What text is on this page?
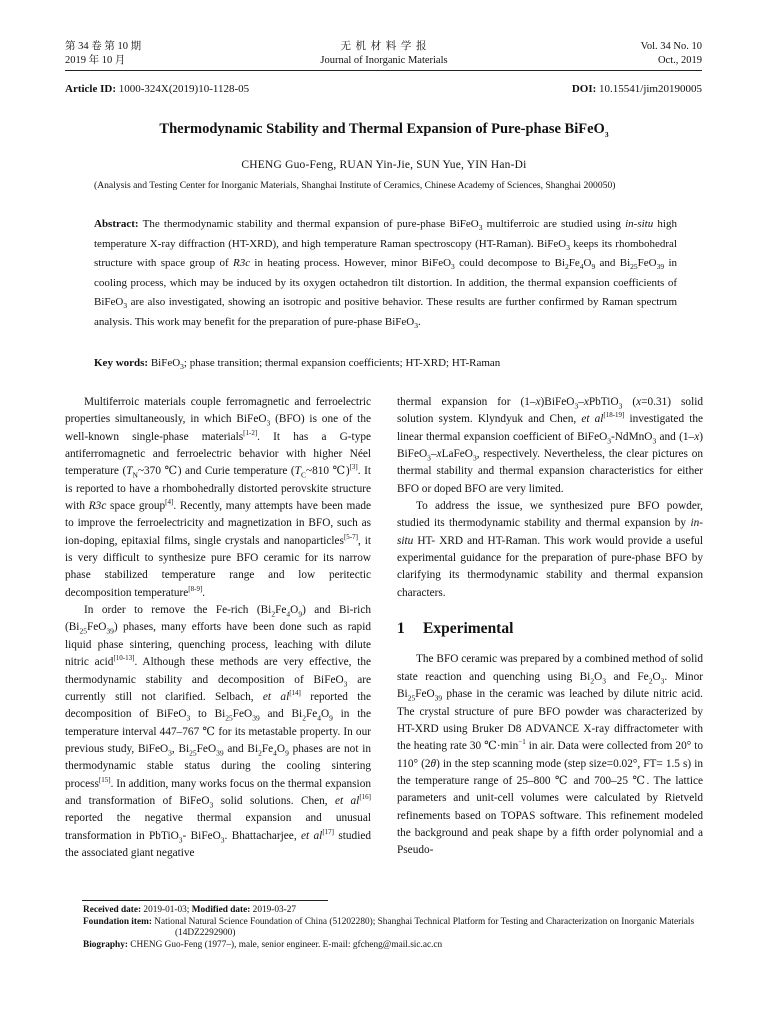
第 34 卷 第 10 期
2019 年 10 月
无 机 材 料 学 报
Journal of Inorganic Materials
Vol. 34 No. 10
Oct., 2019
Article ID: 1000-324X(2019)10-1128-05	DOI: 10.15541/jim20190005
Thermodynamic Stability and Thermal Expansion of Pure-phase BiFeO$_3$
CHENG Guo-Feng, RUAN Yin-Jie, SUN Yue, YIN Han-Di
(Analysis and Testing Center for Inorganic Materials, Shanghai Institute of Ceramics, Chinese Academy of Sciences, Shanghai 200050)
Abstract: The thermodynamic stability and thermal expansion of pure-phase BiFeO$_3$ multiferroic are studied using in-situ high temperature X-ray diffraction (HT-XRD), and high temperature Raman spectroscopy (HT-Raman). BiFeO$_3$ keeps its rhombohedral structure with space group of R3c in heating process. However, minor BiFeO$_3$ could decompose to $Bi_2Fe_4O_9$ and $Bi_{25}FeO_{39}$ in cooling process, which may be induced by its oxygen octahedron tilt distortion. In addition, the thermal expansion coefficients of BiFeO$_3$ are also investigated, showing an isotropic and positive behavior. These results are further confirmed by Raman spectrum analysis. This work may benefit for the preparation of pure-phase BiFeO$_3$.
Key words: BiFeO$_3$; phase transition; thermal expansion coefficients; HT-XRD; HT-Raman

Multiferroic materials couple ferromagnetic and ferroelectric properties simultaneously, in which BiFeO$_3$ (BFO) is one of the well-known single-phase materials[1-2]. It has a G-type antiferromagnetic and ferroelectric behavior with higher Néel temperature ($T_N\sim 370$ ℃) and Curie temperature ($T_C\sim 810$ ℃)[3]. It is reported to have a rhombohedrally distorted perovskite structure with R3c space group[4]. Recently, many attempts have been made to improve the ferroelectricity and magnetization in BFO, such as ion-doping, epitaxial films, single crystals and nanoparticles[5-7], it is very difficult to synthesize pure BFO ceramic for its narrow phase stabilized temperature range and low peritectic decomposition temperature[8-9].

In order to remove the Fe-rich $(Bi_2Fe_4O_9)$ and Bi-rich $(Bi_{25}FeO_{39})$ phases, many efforts have been done such as rapid liquid phase sintering, quenching process, leaching with dilute nitric acid[10-13]. Although these methods are very effective, the thermodynamic stability and decomposition of BiFeO$_3$ are currently still not clarified. Selbach, et al[14] reported the decomposition of BiFeO$_3$ to $Bi_{25}FeO_{39}$ and $Bi_2Fe_4O_9$ in the temperature interval 447–767 ℃ for its metastable property. In our previous study, BiFeO$_3$, $Bi_{25}FeO_{39}$ and $Bi_2Fe_4O_9$ phases are not in thermodynamic stable status during the cooling sintering process[15]. In addition, many works focus on the thermal expansion and transformation of BiFeO$_3$ solid solutions. Chen, et al[16] reported the negative thermal expansion and unusual transformation in PbTiO$_3$- BiFeO$_3$. Bhattacharjee, et al[17] studied the associated giant negative

thermal expansion for (1–x)BiFeO$_3$–xPbTiO$_3$ (x=0.31) solid solution system. Klyndyuk and Chen, et al[18-19] investigated the linear thermal expansion coefficient of BiFeO$_3$-NdMnO$_3$ and (1–x) BiFeO$_3$–xLaFeO$_3$, respectively. Nevertheless, the clear pictures on thermal stability and thermal expansion characteristics for either BFO or doped BFO are very limited.

To address the issue, we synthesized pure BFO powder, studied its thermodynamic stability and thermal expansion by in-situ HT- XRD and HT-Raman. This work would provide a useful experimental guidance for the preparation of pure-phase BFO by clarifying its thermodynamic stability and thermal expansion characters.

1 Experimental

The BFO ceramic was prepared by a combined method of solid state reaction and quenching using $Bi_2O_3$ and $Fe_2O_3$. Minor $Bi_{25}FeO_{39}$ phase in the ceramic was leached by dilute nitric acid. The crystal structure of pure BFO powder was characterized by HT-XRD using Bruker D8 ADVANCE X-ray diffractometer with the heating rate 30 $℃\cdot\min^{-1}$ in air. Data were collected from 20° to 110° (2θ) in the step scanning mode (step size=0.02°, FT= 1.5 s) in the temperature range of 25–800 ℃ and 700–25 ℃. The lattice parameters and unit-cell volumes were calculated by Rietveld refinements based on TOPAS software. This refinement modeled the background and peak shape by a fifth order polynomial and a Pseudo-

Received date: 2019-01-03; Modified date: 2019-03-27
Foundation item: National Natural Science Foundation of China (51202280); Shanghai Technical Platform for Testing and Characterization on Inorganic Materials (14DZ2292900)
Biography: CHENG Guo-Feng (1977–), male, senior engineer. E-mail: gfcheng@mail.sic.ac.cn
